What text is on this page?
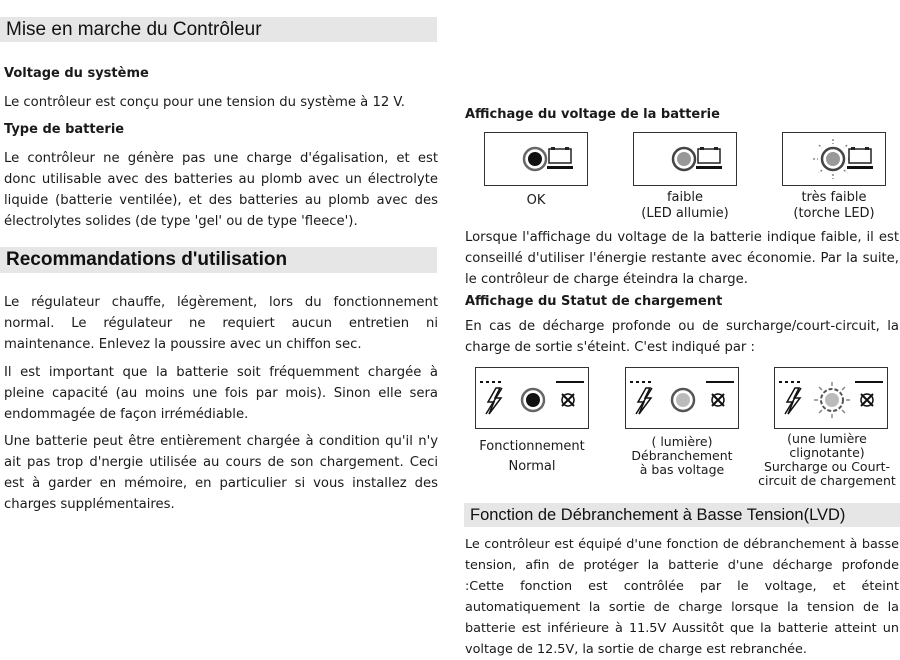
Mise en marche du Contrôleur
Voltage du système
Le contrôleur est conçu pour une tension du système à 12 V.
Type de batterie
Le contrôleur ne génère pas une charge d'égalisation, et est donc utilisable avec des batteries au plomb avec un électrolyte liquide (batterie ventilée), et des batteries au plomb avec des électrolytes solides (de type 'gel' ou de type 'fleece').
Recommandations d'utilisation
Le régulateur chauffe, légèrement, lors du fonctionnement normal. Le régulateur ne requiert aucun entretien ni maintenance. Enlevez la poussire avec un chiffon sec.
Il est important que la batterie soit fréquemment chargée à pleine capacité (au moins une fois par mois). Sinon elle sera endommagée de façon irrémédiable.
Une batterie peut être entièrement chargée à condition qu'il n'y ait pas trop d'nergie utilisée au cours de son chargement. Ceci est à garder en mémoire, en particulier si vous installez des charges supplémentaires.
Affichage du voltage de la batterie
OK	faible
(LED allumie)
très faible
(torche LED)
Lorsque l'affichage du voltage de la batterie indique faible, il est conseillé d'utiliser l'énergie restante avec économie. Par la suite, le contrôleur de charge éteindra la charge.
Affichage du Statut de chargement
En cas de décharge profonde ou de surcharge/court-circuit, la charge de sortie s'éteint. C'est indiqué par :
Fonctionnement
Normal
( lumière)
Débranchement
à bas voltage
(une lumière
clignotante)
Surcharge ou Court-
circuit de chargement
Fonction de Débranchement à Basse Tension(LVD)
Le contrôleur est équipé d'une fonction de débranchement à basse tension, afin de protéger la batterie d'une décharge profonde :Cette fonction est contrôlée par le voltage, et éteint automatiquement la sortie de charge lorsque la tension de la batterie est inférieure à 11.5V Aussitôt que la batterie atteint un voltage de 12.5V, la sortie de charge est rebranchée.
